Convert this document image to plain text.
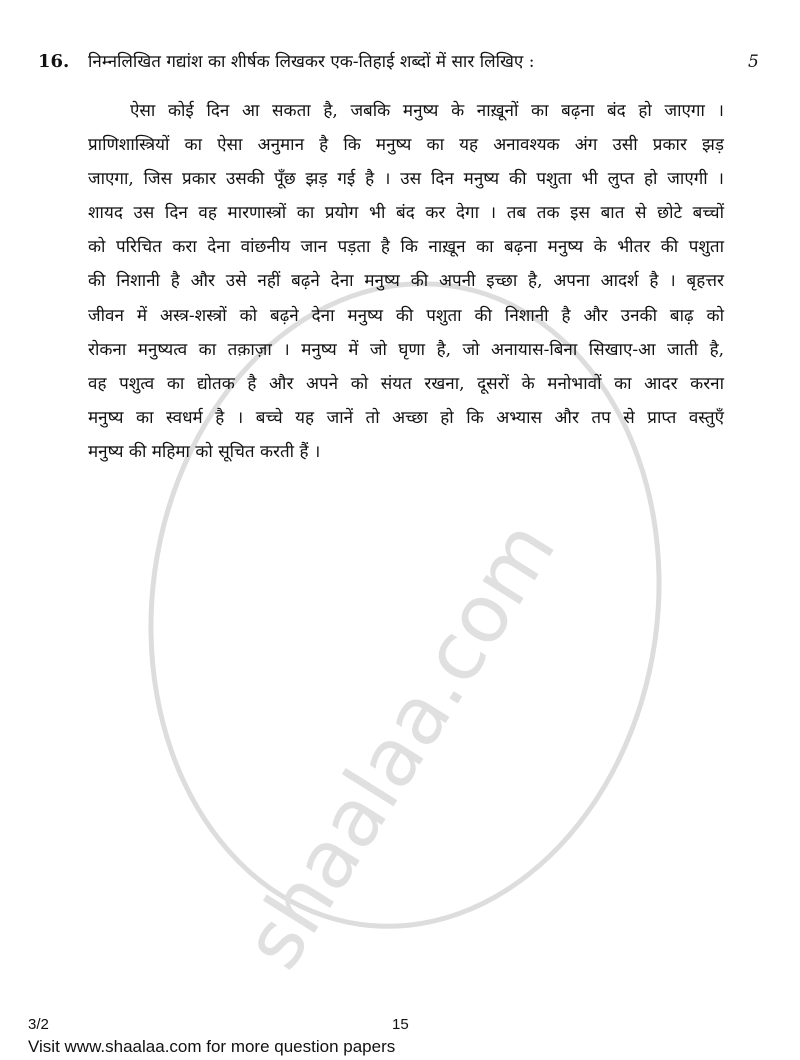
shaalaa.com
16. निम्नलिखित गद्यांश का शीर्षक लिखकर एक-तिहाई शब्दों में सार लिखिए :	5
ऐसा कोई दिन आ सकता है, जबकि मनुष्य के नाख़ूनों का बढ़ना बंद हो जाएगा ।
प्राणिशास्त्रियों का ऐसा अनुमान है कि मनुष्य का यह अनावश्यक अंग उसी प्रकार झड़
जाएगा, जिस प्रकार उसकी पूँछ झड़ गई है । उस दिन मनुष्य की पशुता भी लुप्त हो जाएगी ।
शायद उस दिन वह मारणास्त्रों का प्रयोग भी बंद कर देगा । तब तक इस बात से छोटे बच्चों
को परिचित करा देना वांछनीय जान पड़ता है कि नाख़ून का बढ़ना मनुष्य के भीतर की पशुता
की निशानी है और उसे नहीं बढ़ने देना मनुष्य की अपनी इच्छा है, अपना आदर्श है । बृहत्तर
जीवन में अस्त्र-शस्त्रों को बढ़ने देना मनुष्य की पशुता की निशानी है और उनकी बाढ़ को
रोकना मनुष्यत्व का तक़ाज़ा । मनुष्य में जो घृणा है, जो अनायास-बिना सिखाए-आ जाती है,
वह पशुत्व का द्योतक है और अपने को संयत रखना, दूसरों के मनोभावों का आदर करना
मनुष्य का स्वधर्म है । बच्चे यह जानें तो अच्छा हो कि अभ्यास और तप से प्राप्त वस्तुएँ
मनुष्य की महिमा को सूचित करती हैं ।
3/2	15
Visit www.shaalaa.com for more question papers
